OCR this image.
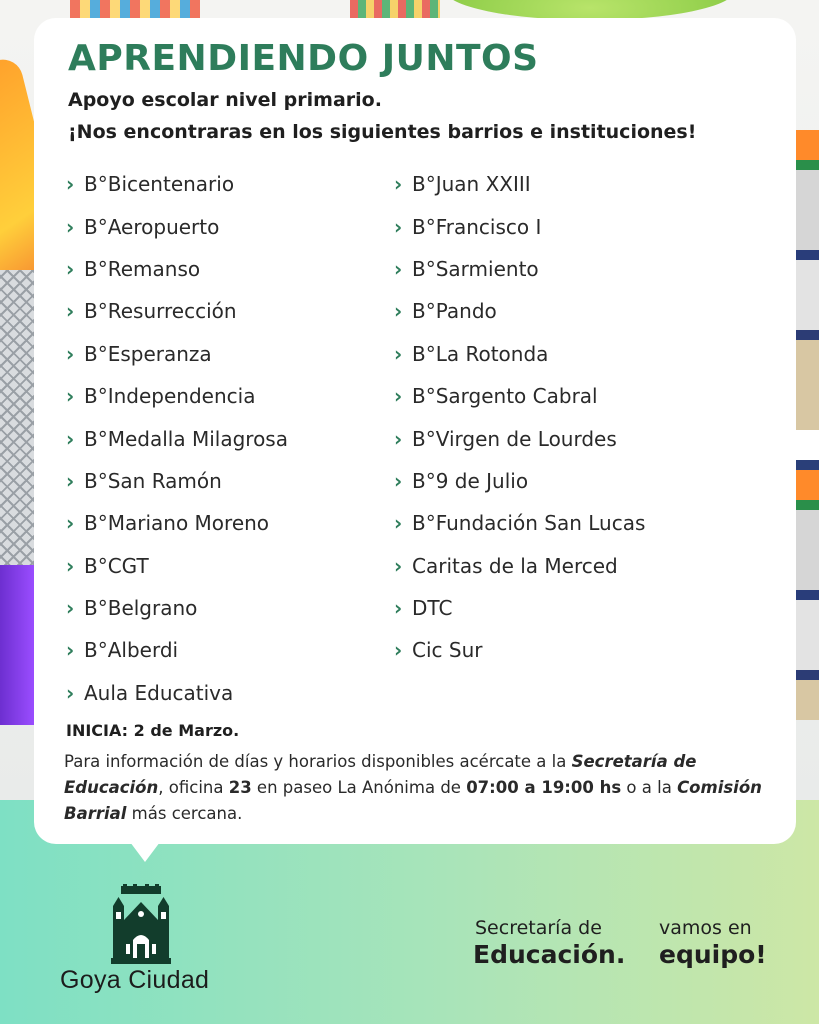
APRENDIENDO JUNTOS
Apoyo escolar nivel primario.
¡Nos encontraras en los siguientes barrios e instituciones!
› B°Bicentenario
› B°Aeropuerto
› B°Remanso
› B°Resurrección
› B°Esperanza
› B°Independencia
› B°Medalla Milagrosa
› B°San Ramón
› B°Mariano Moreno
› B°CGT
› B°Belgrano
› B°Alberdi
› Aula Educativa
› B°Juan XXIII
› B°Francisco I
› B°Sarmiento
› B°Pando
› B°La Rotonda
› B°Sargento Cabral
› B°Virgen de Lourdes
› B°9 de Julio
› B°Fundación San Lucas
› Caritas de la Merced
› DTC
› Cic Sur
INICIA: 2 de Marzo.
Para información de días y horarios disponibles acércate a la Secretaría de Educación, oficina 23 en paseo La Anónima de 07:00 a 19:00 hs o a la Comisión Barrial más cercana.
Goya Ciudad
Secretaría de
Educación.
vamos en
equipo!
